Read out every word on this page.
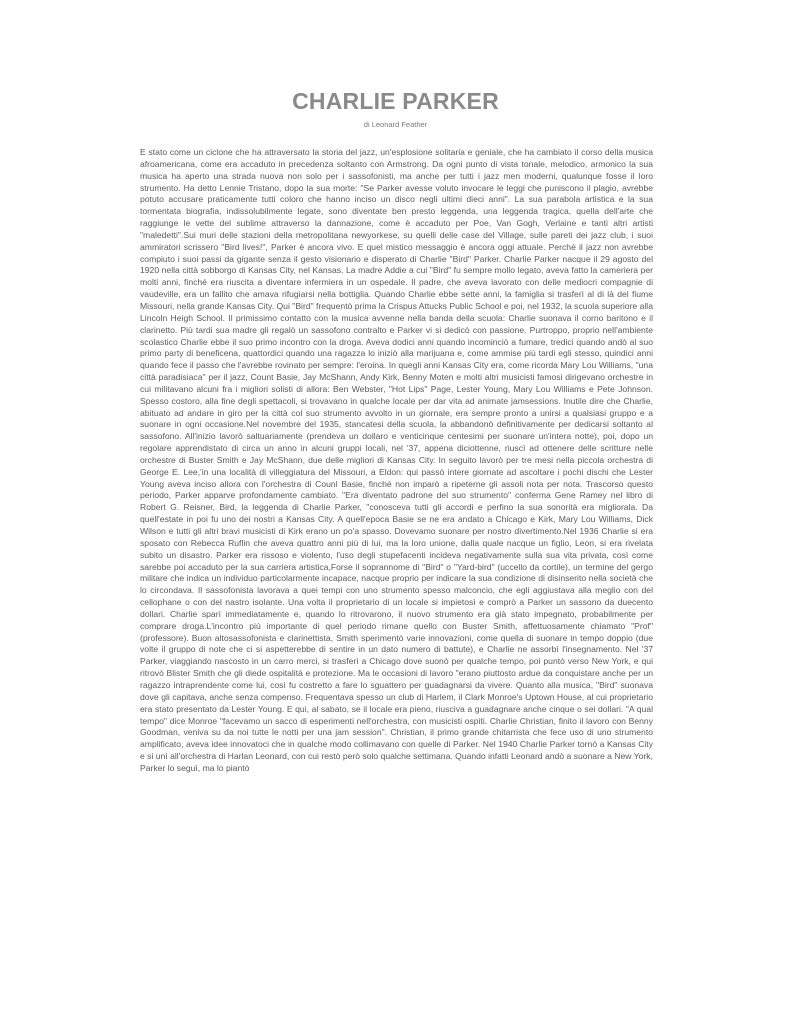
CHARLIE PARKER
di Leonard Feather

E stato come un ciclone che ha attraversato la storia del jazz, un'esplosione solitaria e geniale, che ha cambiato il corso della musica afroamericana, come era accaduto in precedenza soltanto con Armstrong. Da ogni punto di vista tonale, melodico, armonico la sua musica ha aperto una strada nuova non solo per i sassofonisti, ma anche per tutti i jazz men moderni, qualunque fosse il loro strumento. Ha detto Lennie Tristano, dopo la sua morte: "Se Parker avesse voluto invocare le leggi che puniscono il plagio, avrebbe potuto accusare praticamente tutti coloro che hanno inciso un disco negli ultimi dieci anni". La sua parabola artistica e la sua tormentata biografia, indissolubilmente legate, sono diventate ben presto leggenda, una leggenda tragica, quella dell'arte che raggiunge le vette del sublime attraverso la dannazione, come è accaduto per Poe, Van Gogh, Verlaine e tanti altri artisti "maledetti".Sui muri delle stazioni della metropolitana newyorkese, su quelli delle case del Village, sulle pareti dei jazz club, i suoi ammiratori scrissero "Bird lives!", Parker è ancora vivo. E quel mistico messaggio è ancora oggi attuale. Perché il jazz non avrebbe compiuto i suoi passi da gigante senza il gesto visionario e disperato di Charlie "Bird" Parker. Charlie Parker nacque il 29 agosto del 1920 nella città sobborgo di Kansas City, nel Kansas. La madre Addie a cui "Bird" fu sempre mollo legato, aveva fatto la cameriera per molti anni, finché era riuscita a diventare infermiera in un ospedale. Il padre, che aveva lavorato con delle mediocri compagnie di vaudeville, era un fallito che amava rifugiarsi nella bottiglia. Quando Charlie ebbe sette anni, la famiglia si trasferì al di là del fiume Missouri, nella grande Kansas City. Qui "Bird" frequentò prima la Crispus Attucks Public School e poi, nel 1932, la scuola superiore alla Lincoln Heigh School. Il primissimo contatto con la musica avvenne nella banda della scuola: Charlie suonava il corno baritono e il clarinetto. Più tardi sua madre gli regalò un sassofono contralto e Parker vi si dedicò con passione. Purtroppo, proprio nell'ambiente scolastico Charlie ebbe il suo primo incontro con la droga. Aveva dodici anni quando incominciò a fumare, tredici quando andò al suo primo party di beneficena, quattordici quando una ragazza lo iniziò alla marijuana e, come ammise più tardi egli stesso, quindici anni quando fece il passo che l'avrebbe rovinato per sempre: l'eroina. In quegli anni Kansas City era, come ricorda Mary Lou Williams, "una città paradisiaca" per il jazz, Count Basie, Jay McShann, Andy Kirk, Benny Moten e molti altri musicisti famosi dirigevano orchestre in cui militavano alcuni fra i migliori solisti di allora: Ben Webster, "Hot Lips" Page, Lester Young, Mary Lou Williams e Pete Johnson. Spesso costoro, alla fine degli spettacoli, si trovavano in qualche locale per dar vita ad animate jamsessions. Inutile dire che Charlie, abituato ad andare in giro per la città col suo strumento avvolto in un giornale, era sempre pronto a unirsi a qualsiasi gruppo e a suonare in ogni occasione.Nel novembre del 1935, stancatesi della scuola, la abbandonò definitivamente per dedicarsi soltanto al sassofono. All'inizio lavorò saltuariamente (prendeva un dollaro e venticinque centesimi per suonare un'intera notte), poi, dopo un regolare apprendistato di circa un anno in alcuni gruppi locali, nel '37, appena diciottenne, riuscì ad ottenere delle scritture nelle orchestre di Buster Smith e Jay McShann, due delle migliori di Kansas City. In seguito lavorò per tre mesi nella piccola orchestra di George E. Lee,'in una località di villeggiatura del Missouri, a Eldon: qui passò intere giornate ad ascoltare i pochi dischi che Lester Young aveva inciso allora con l'orchestra di Counl Basie, finché non imparò a ripeterne gli assoli nota per nota. Trascorso questo periodo, Parker apparve profondamente cambiato. "Era diventato padrone del suo strumento" conferma Gene Ramey nel libro di Robert G. Reisner, Bird, la leggenda di Charlie Parker, "conosceva tutti gli accordi e perfino la sua sonorità era migliorala. Da quell'estate in poi fu uno dei nostri a Kansas City. A quell'epoca Basie se ne era andato a Chicago e Kirk, Mary Lou Williams, Dick Wilson e tutti gli altri bravi musicisti di Kirk erano un po'a spasso. Dovevamo suonare per nostro divertimento.Nel 1936 Charlie si era sposato con Rebecca Ruflin che aveva quattro anni più di lui, ma la loro unione, dalla quale nacque un figlio, Leon, si era rivelata subito un disastro. Parker era rissoso e violento, l'uso degli stupefacenti incideva negativamente sulla sua vita privata, così come sarebbe poi accaduto per la sua carriera artistica,Forse il soprannome di "Bird" o "Yard-bird" (uccello da cortile), un termine del gergo militare che indica un individuo particolarmente incapace, nacque proprio per indicare la sua condizione di disinserito nella società che lo circondava. Il sassofonista lavorava a quei tempi con uno strumento spesso malconcio, che egli aggiustava alla meglio con del cellophane o con del nastro isolante. Una volta il proprietario di un locale si impietosì e comprò a Parker un sassono da duecento dollari. Charlie sparì immediatamente e, quando lo ritrovarono, il nuovo strumento era già stato impegnato, probabilmente per comprare droga.L'incontro più importante di quel periodo rimane quello con Buster Smith, affettuosamente chiamato "Prof" (professore). Buon altosassofonista e clarinettista, Smith sperimentò varie innovazioni, come quella di suonare in tempo doppio (due volte il gruppo di note che ci si aspetterebbe di sentire in un dato numero di battute), e Charlie ne assorbì l'insegnamento. Nel '37 Parker, viaggiando nascosto in un carro merci, si trasferì a Chicago dove suonò per qualche tempo, poi puntò verso New York, e qui ritrovò Blister Smith che gli diede ospitalità e protezione. Ma le occasioni di lavoro "erano piuttosto ardue da conquistare anche per un ragazzo intraprendente come lui, così fu costretto a fare lo sguattero per guadagnarsi da vivere. Quanto alla musica, "Bird" suonava dove gli capitava, anche senza compenso. Frequentava spesso un club di Harlem, il Clark Monroe's Uptown House, al cui proprietario era stato presentato da Lester Young. E qui, al sabato, se il locale era pieno, riusciva a guadagnare anche cinque o sei dollari. "A qual tempo" dice Monroe "facevamo un sacco di esperimenti nell'orchestra, con musicisti ospiti. Charlie Christian, finito il lavoro con Benny Goodman, veniva su da noi tutte le notti per una jam session". Christian, il primo grande chitarrista che fece uso di uno strumento amplificato, aveva idee innovatoci che in qualche modo collimavano con quelle di Parker. Nel 1940 Charlie Parker tornò a Kansas City e si unì all'orchestra di Harlan Leonard, con cui restò però solo qualche settimana. Quando infatti Leonard andò a suonare a New York, Parker lo seguì, ma lo piantò
